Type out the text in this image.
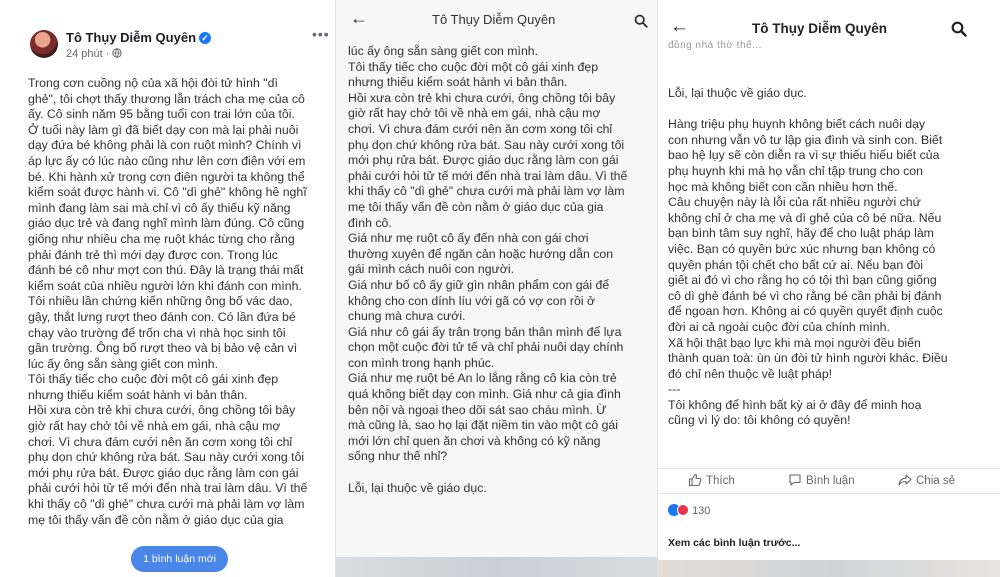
Tô Thụy Diễm Quyên ✓
24 phút ·
•••
Trong cơn cuồng nộ của xã hội đòi tử hình "dì
ghẻ", tôi chợt thấy thương lẫn trách cha mẹ của cô
ấy. Cô sinh năm 95 bằng tuổi con trai lớn của tôi.
Ở tuổi này làm gì đã biết dạy con mà lại phải nuôi
dạy đứa bé không phải là con ruột mình? Chính vì
áp lực ấy có lúc nào cũng như lên cơn điên với em
bé. Khi hành xử trong cơn điên người ta không thể
kiểm soát được hành vi. Cô "dì ghẻ" không hề nghĩ
mình đang làm sai mà chỉ vì cô ấy thiếu kỹ năng
giáo dục trẻ và đang nghĩ mình làm đúng. Cô cũng
giống như nhiều cha mẹ ruột khác từng cho rằng
phải đánh trẻ thì mới dạy được con. Trong lúc
đánh bé cô như mợt con thú. Đây là trạng thái mất
kiểm soát của nhiều người lớn khi đánh con mình.
Tôi nhiều lần chứng kiến những ông bố vác dao,
gậy, thắt lưng rượt theo đánh con. Có lần đứa bé
chạy vào trường để trốn cha vì nhà học sinh tôi
gần trường. Ông bố rượt theo và bị bảo vệ cản vì
lúc ấy ông sẵn sàng giết con mình.
Tôi thấy tiếc cho cuộc đời một cô gái xinh đẹp
nhưng thiếu kiểm soát hành vi bản thân.
Hồi xưa còn trẻ khi chưa cưới, ông chồng tôi bây
giờ rất hay chở tôi về nhà em gái, nhà cậu mợ
chơi. Vì chưa đám cưới nên ăn cơm xong tôi chỉ
phụ dọn chứ không rửa bát. Sau này cưới xong tôi
mới phụ rửa bát. Được giáo dục rằng làm con gái
phải cưới hỏi tử tế mới đến nhà trai làm dâu. Vì thế
khi thấy cô "dì ghẻ" chưa cưới mà phải làm vợ làm
mẹ tôi thấy vấn đề còn nằm ở giáo dục của gia
1 bình luận mới
←	Tô Thụy Diễm Quyên
lúc ấy ông sẵn sàng giết con mình.
Tôi thấy tiếc cho cuộc đời một cô gái xinh đẹp
nhưng thiếu kiểm soát hành vi bản thân.
Hồi xưa còn trẻ khi chưa cưới, ông chồng tôi bây
giờ rất hay chở tôi về nhà em gái, nhà cậu mợ
chơi. Vì chưa đám cưới nên ăn cơm xong tôi chỉ
phụ dọn chứ không rửa bát. Sau này cưới xong tôi
mới phụ rửa bát. Được giáo dục rằng làm con gái
phải cưới hỏi tử tế mới đến nhà trai làm dâu. Vì thế
khi thấy cô "dì ghẻ" chưa cưới mà phải làm vợ làm
mẹ tôi thấy vấn đề còn nằm ở giáo dục của gia
đình cô.
Giá như mẹ ruột cô ấy đến nhà con gái chơi
thường xuyên để ngăn cản hoặc hướng dẫn con
gái mình cách nuôi con người.
Giá như bố cô ấy giữ gìn nhân phẩm con gái để
không cho con dính líu với gã có vợ con rồi ở
chung mà chưa cưới.
Giá như cô gái ấy trân trọng bản thân mình để lựa
chọn một cuộc đời tử tế và chỉ phải nuôi dạy chính
con mình trong hạnh phúc.
Giá như mẹ ruột bé An lo lắng rằng cô kia còn trẻ
quá không biết dạy con mình. Giá như cả gia đình
bên nội và ngoại theo dõi sát sao cháu mình. Ừ
mà cũng là, sao họ lại đặt niềm tin vào một cô gái
mới lớn chỉ quen ăn chơi và không có kỹ năng
sống như thế nhỉ?

Lỗi, lại thuộc về giáo dục.
←	Tô Thụy Diễm Quyên
đồng nhà thờ thế...
Lỗi, lại thuộc về giáo dục.

Hàng triệu phụ huynh không biết cách nuôi dạy
con nhưng vẫn vô tư lập gia đình và sinh con. Biết
bao hệ lụy sẽ còn diễn ra vì sự thiếu hiểu biết của
phụ huynh khi mà họ vẫn chỉ tập trung cho con
học mà không biết con cần nhiều hơn thế.
Câu chuyện này là lỗi của rất nhiều người chứ
không chỉ ở cha mẹ và dì ghẻ của cô bé nữa. Nếu
bạn bình tâm suy nghĩ, hãy để cho luật pháp làm
việc. Bạn có quyền bức xúc nhưng bạn không có
quyền phán tội chết cho bất cứ ai. Nếu bạn đòi
giết ai đó vì cho rằng họ có tội thì bạn cũng giống
cô dì ghẻ đánh bé vì cho rằng bé cần phải bị đánh
để ngoan hơn. Không ai có quyền quyết định cuộc
đời ai cả ngoài cuộc đời của chính mình.
Xã hội thật bạo lực khi mà mọi người đều biến
thành quan toà: ùn ùn đòi tử hình người khác. Điều
đó chỉ nên thuộc về luật pháp!
---
Tôi không để hình bất kỳ ai ở đây để minh hoạ
cũng vì lý do: tôi không có quyền!
Thích	Bình luận	Chia sẻ
130
Xem các bình luận trước...
